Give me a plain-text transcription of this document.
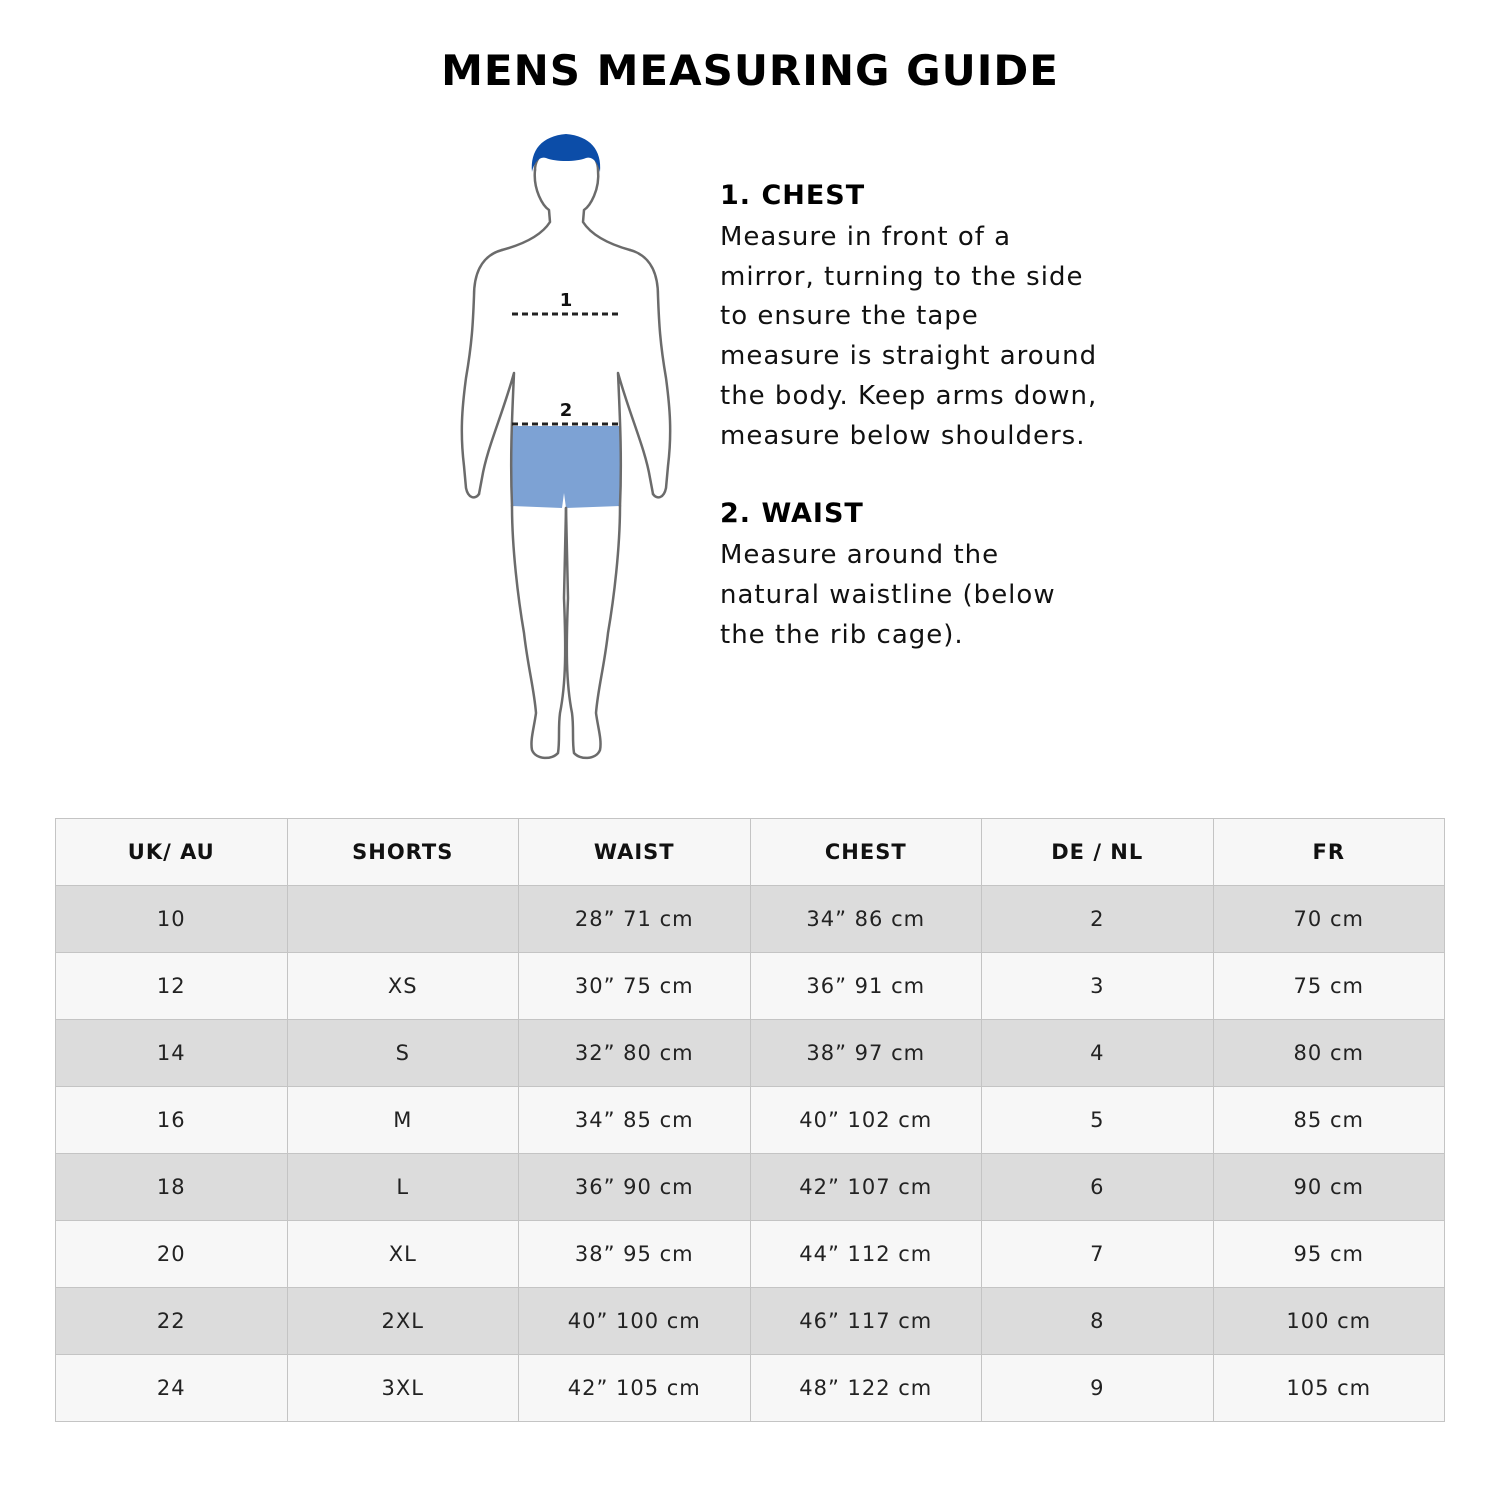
MENS MEASURING GUIDE
1
2
1. CHEST

Measure in front of a mirror, turning to the side to ensure the tape measure is straight around the body. Keep arms down, measure below shoulders.

2. WAIST

Measure around the natural waistline (below the the rib cage).

UK/ AU	SHORTS	WAIST	CHEST	DE / NL	FR
10		28” 71 cm	34” 86 cm	2	70 cm
12	XS	30” 75 cm	36” 91 cm	3	75 cm
14	S	32” 80 cm	38” 97 cm	4	80 cm
16	M	34” 85 cm	40” 102 cm	5	85 cm
18	L	36” 90 cm	42” 107 cm	6	90 cm
20	XL	38” 95 cm	44” 112 cm	7	95 cm
22	2XL	40” 100 cm	46” 117 cm	8	100 cm
24	3XL	42” 105 cm	48” 122 cm	9	105 cm
